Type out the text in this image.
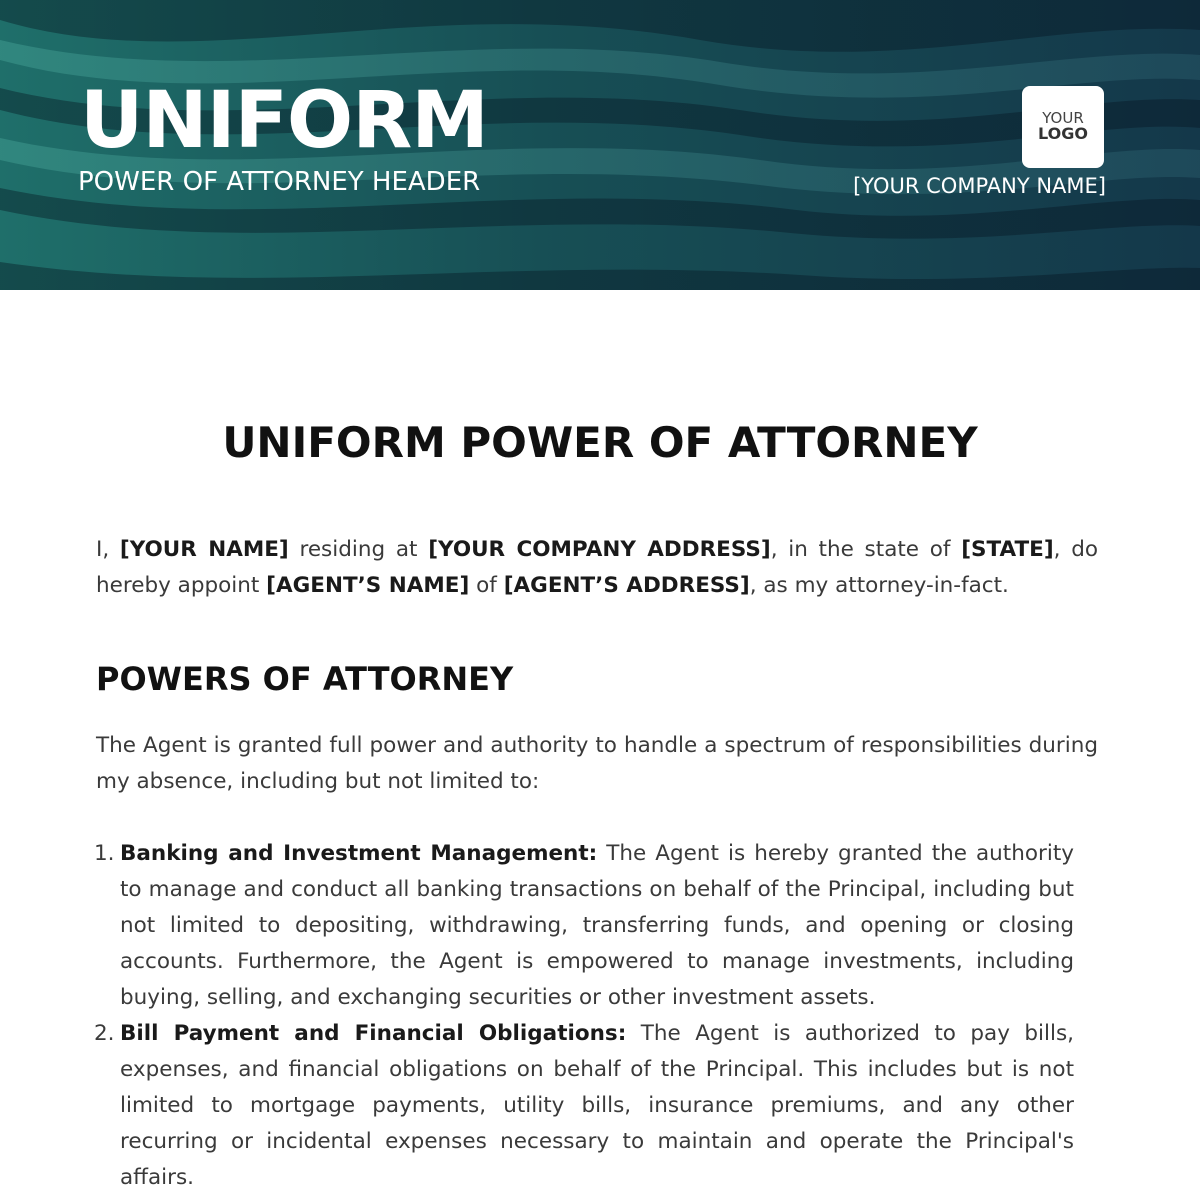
UNIFORM
POWER OF ATTORNEY HEADER
YOUR
LOGO
[YOUR COMPANY NAME]
UNIFORM POWER OF ATTORNEY

I, [YOUR NAME] residing at [YOUR COMPANY ADDRESS], in the state of [STATE], do hereby appoint [AGENT’S NAME] of [AGENT’S ADDRESS], as my attorney-in-fact.

POWERS OF ATTORNEY

The Agent is granted full power and authority to handle a spectrum of responsibilities during my absence, including but not limited to:

1. Banking and Investment Management: The Agent is hereby granted the authority to manage and conduct all banking transactions on behalf of the Principal, including but not limited to depositing, withdrawing, transferring funds, and opening or closing accounts. Furthermore, the Agent is empowered to manage investments, including buying, selling, and exchanging securities or other investment assets.
2. Bill Payment and Financial Obligations: The Agent is authorized to pay bills, expenses, and financial obligations on behalf of the Principal. This includes but is not limited to mortgage payments, utility bills, insurance premiums, and any other recurring or incidental expenses necessary to maintain and operate the Principal's affairs.
